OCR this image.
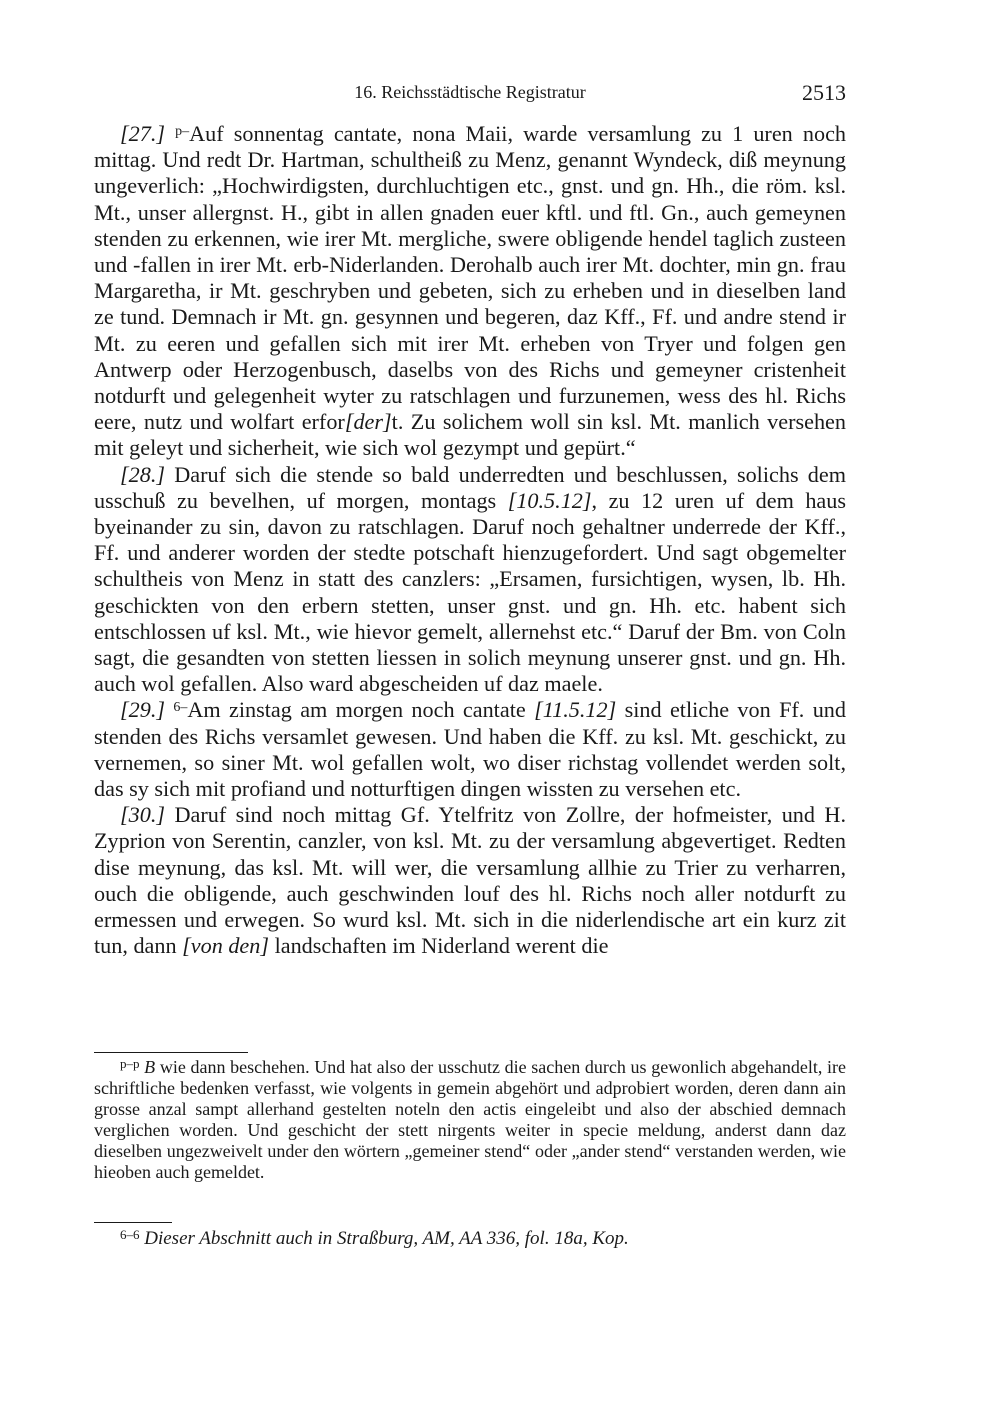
16. Reichsstädtische Registratur	2513

[27.] $^{p-}$Auf sonnentag cantate, nona Maii, warde versamlung zu 1 uren noch mittag. Und redt Dr. Hartman, schultheiß zu Menz, genannt Wyndeck, diß meynung ungeverlich: „Hochwirdigsten, durchluchtigen etc., gnst. und gn. Hh., die röm. ksl. Mt., unser allergnst. H., gibt in allen gnaden euer kftl. und ftl. Gn., auch gemeynen stenden zu erkennen, wie irer Mt. mergliche, swere obligende hendel taglich zusteen und -fallen in irer Mt. erb-Niderlanden. Derohalb auch irer Mt. dochter, min gn. frau Margaretha, ir Mt. geschryben und gebeten, sich zu erheben und in dieselben land ze tund. Demnach ir Mt. gn. gesynnen und begeren, daz Kff., Ff. und andre stend ir Mt. zu eeren und gefallen sich mit irer Mt. erheben von Tryer und folgen gen Antwerp oder Herzogenbusch, daselbs von des Richs und gemeyner cristenheit notdurft und gelegenheit wyter zu ratschlagen und furzunemen, wess des hl. Richs eere, nutz und wolfart erfor[der]t. Zu solichem woll sin ksl. Mt. manlich versehen mit geleyt und sicherheit, wie sich wol gezympt und gepürt.“

[28.] Daruf sich die stende so bald underredten und beschlussen, solichs dem usschuß zu bevelhen, uf morgen, montags [10.5.12], zu 12 uren uf dem haus byeinander zu sin, davon zu ratschlagen. Daruf noch gehaltner underrede der Kff., Ff. und anderer worden der stedte potschaft hienzugefordert. Und sagt obgemelter schultheis von Menz in statt des canzlers: „Ersamen, fursichtigen, wysen, lb. Hh. geschickten von den erbern stetten, unser gnst. und gn. Hh. etc. habent sich entschlossen uf ksl. Mt., wie hievor gemelt, allernehst etc.“ Daruf der Bm. von Coln sagt, die gesandten von stetten liessen in solich meynung unserer gnst. und gn. Hh. auch wol gefallen. Also ward abgescheiden uf daz maele.

[29.] $^{6-}$Am zinstag am morgen noch cantate [11.5.12] sind etliche von Ff. und stenden des Richs versamlet gewesen. Und haben die Kff. zu ksl. Mt. geschickt, zu vernemen, so siner Mt. wol gefallen wolt, wo diser richstag vollendet werden solt, das sy sich mit profiand und notturftigen dingen wissten zu versehen etc.

[30.] Daruf sind noch mittag Gf. Ytelfritz von Zollre, der hofmeister, und H. Zyprion von Serentin, canzler, von ksl. Mt. zu der versamlung abgevertiget. Redten dise meynung, das ksl. Mt. will wer, die versamlung allhie zu Trier zu verharren, ouch die obligende, auch geschwinden louf des hl. Richs noch aller notdurft zu ermessen und erwegen. So wurd ksl. Mt. sich in die niderlendische art ein kurz zit tun, dann [von den] landschaften im Niderland werent die

$^{p-p}$ B wie dann beschehen. Und hat also der usschutz die sachen durch us gewonlich abgehandelt, ire schriftliche bedenken verfasst, wie volgents in gemein abgehört und adprobiert worden, deren dann ain grosse anzal sampt allerhand gestelten noteln den actis eingeleibt und also der abschied demnach verglichen worden. Und geschicht der stett nirgents weiter in specie meldung, anderst dann daz dieselben ungezweivelt under den wörtern „gemeiner stend“ oder „ander stend“ verstanden werden, wie hieoben auch gemeldet.

$^{6-6}$ Dieser Abschnitt auch in Straßburg, AM, AA 336, fol. 18a, Kop.
